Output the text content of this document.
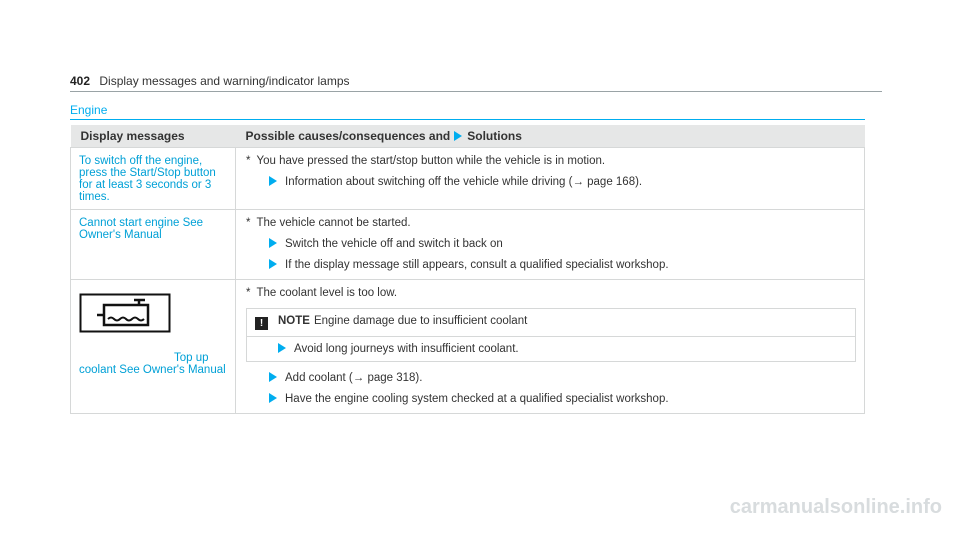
402 Display messages and warning/indicator lamps
Engine
Display messages	Possible causes/consequences and Solutions
To switch off the engine, press the Start/Stop button for at least 3 seconds or 3 times.	* You have pressed the start/stop button while the vehicle is in motion.
Information about switching off the vehicle while driving (→ page 168).

Cannot start engine See Owner's Manual	* The vehicle cannot be started.
Switch the vehicle off and switch it back on
If the display message still appears, consult a qualified specialist workshop.

Top up coolant See Owner's Manual	* The coolant level is too low.
! NOTE Engine damage due to insufficient coolant
Avoid long journeys with insufficient coolant.
Add coolant (→ page 318).
Have the engine cooling system checked at a qualified specialist workshop.
carmanualsonline.info
